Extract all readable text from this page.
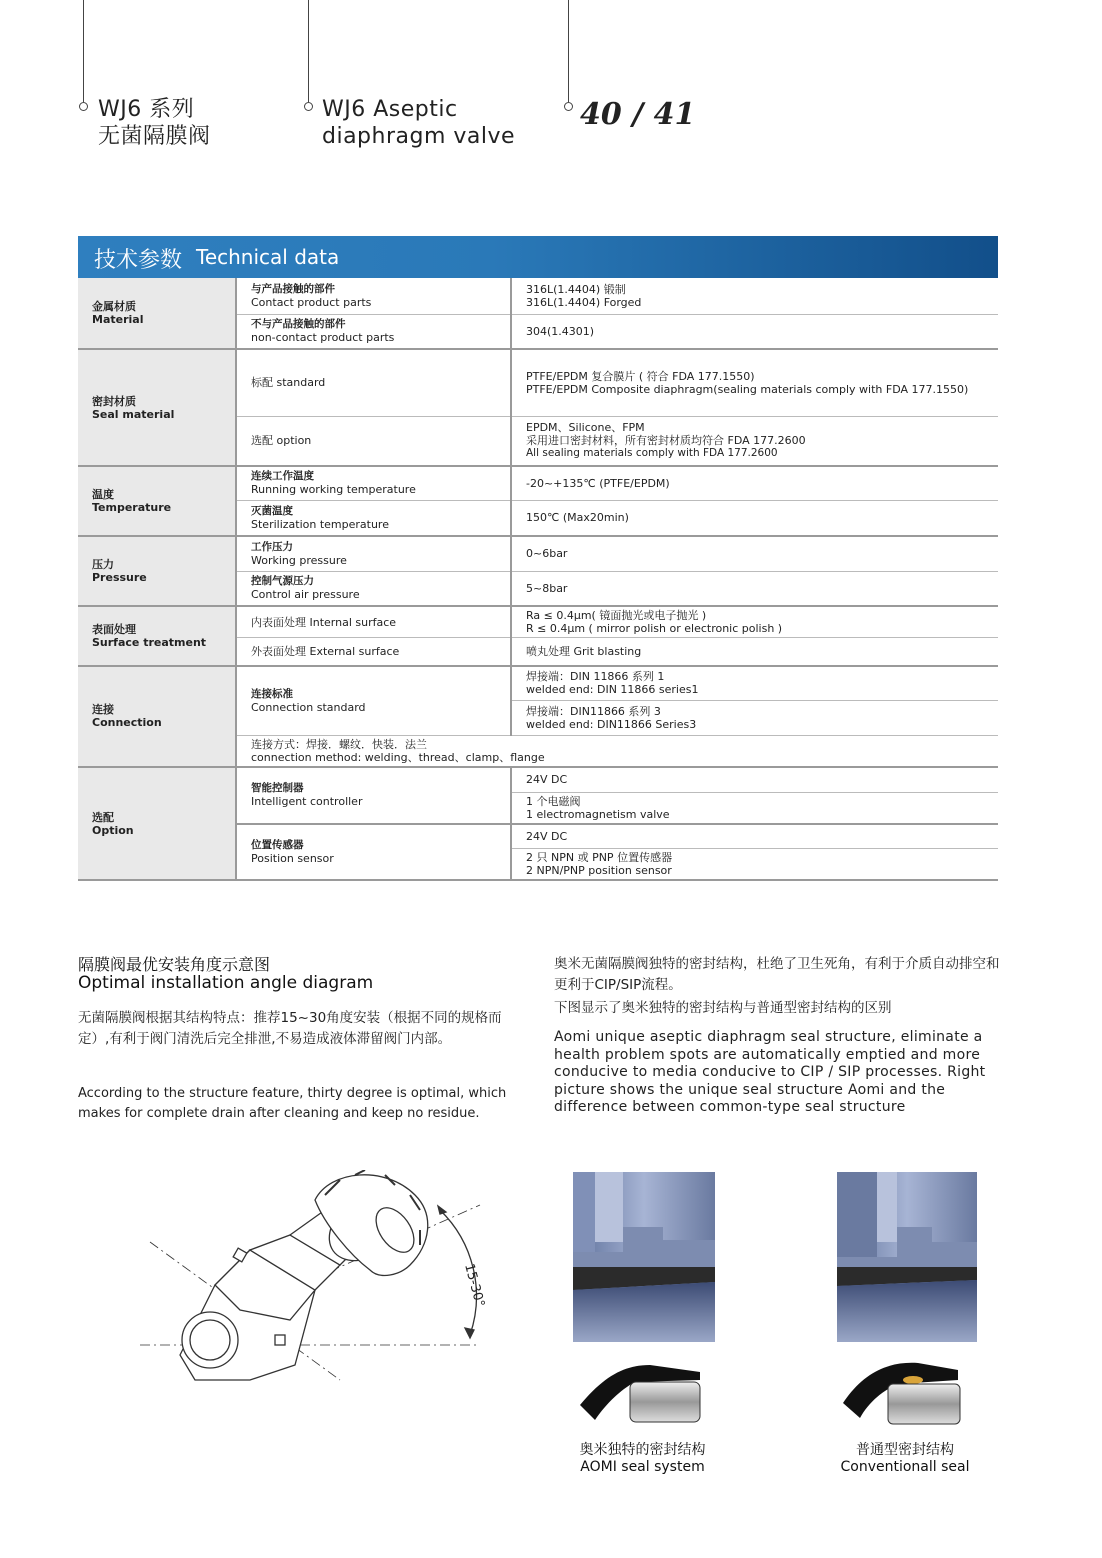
WJ6 系列
无菌隔膜阀
WJ6 Aseptic
diaphragm valve
40 / 41
技术参数 Technical data
金属材质
Material	与产品接触的部件
Contact product parts	316L(1.4404) 锻制
316L(1.4404) Forged

	不与产品接触的部件
non-contact product parts	304(1.4301)

密封材质
Seal material	标配 standard	PTFE/EPDM 复合膜片 ( 符合 FDA 177.1550)
PTFE/EPDM Composite diaphragm(sealing materials comply with FDA 177.1550)

	选配 option	EPDM、Silicone、FPM
采用进口密封材料，所有密封材质均符合 FDA 177.2600
All sealing materials comply with FDA 177.2600

温度
Temperature	连续工作温度
Running working temperature	-20~+135℃ (PTFE/EPDM)

	灭菌温度
Sterilization temperature	150℃ (Max20min)

压力
Pressure	工作压力
Working pressure	0~6bar

	控制气源压力
Control air pressure	5~8bar

表面处理
Surface treatment	内表面处理 Internal surface	Ra ≤ 0.4μm( 镜面抛光或电子抛光 )
R ≤ 0.4μm ( mirror polish or electronic polish )

	外表面处理 External surface	喷丸处理 Grit blasting

连接
Connection	连接标准
Connection standard	焊接端：DIN 11866 系列 1
welded end: DIN 11866 series1

		焊接端：DIN11866 系列 3
welded end: DIN11866 Series3

	连接方式：焊接．螺纹．快装．法兰
connection method: welding、thread、clamp、flange	

选配
Option	智能控制器
Intelligent controller	24V DC

		1 个电磁阀
1 electromagnetism valve

	位置传感器
Position sensor	24V DC

		2 只 NPN 或 PNP 位置传感器
2 NPN/PNP position sensor
隔膜阀最优安装角度示意图
Optimal installation angle diagram
无菌隔膜阀根据其结构特点：推荐15~30角度安装（根据不同的规格而定）,有利于阀门清洗后完全排泄,不易造成液体滞留阀门内部。
According to the structure feature, thirty degree is optimal, which makes for complete drain after cleaning and keep no residue.
15-30°
奥米无菌隔膜阀独特的密封结构，杜绝了卫生死角，有利于介质自动排空和更利于CIP/SIP流程。
下图显示了奥米独特的密封结构与普通型密封结构的区别
Aomi unique aseptic diaphragm seal structure, eliminate a health problem spots are automatically emptied and more conducive to media conducive to CIP / SIP processes. Right picture shows the unique seal structure Aomi and the difference between common-type seal structure
奥米独特的密封结构
AOMI seal system
普通型密封结构
Conventionall seal
